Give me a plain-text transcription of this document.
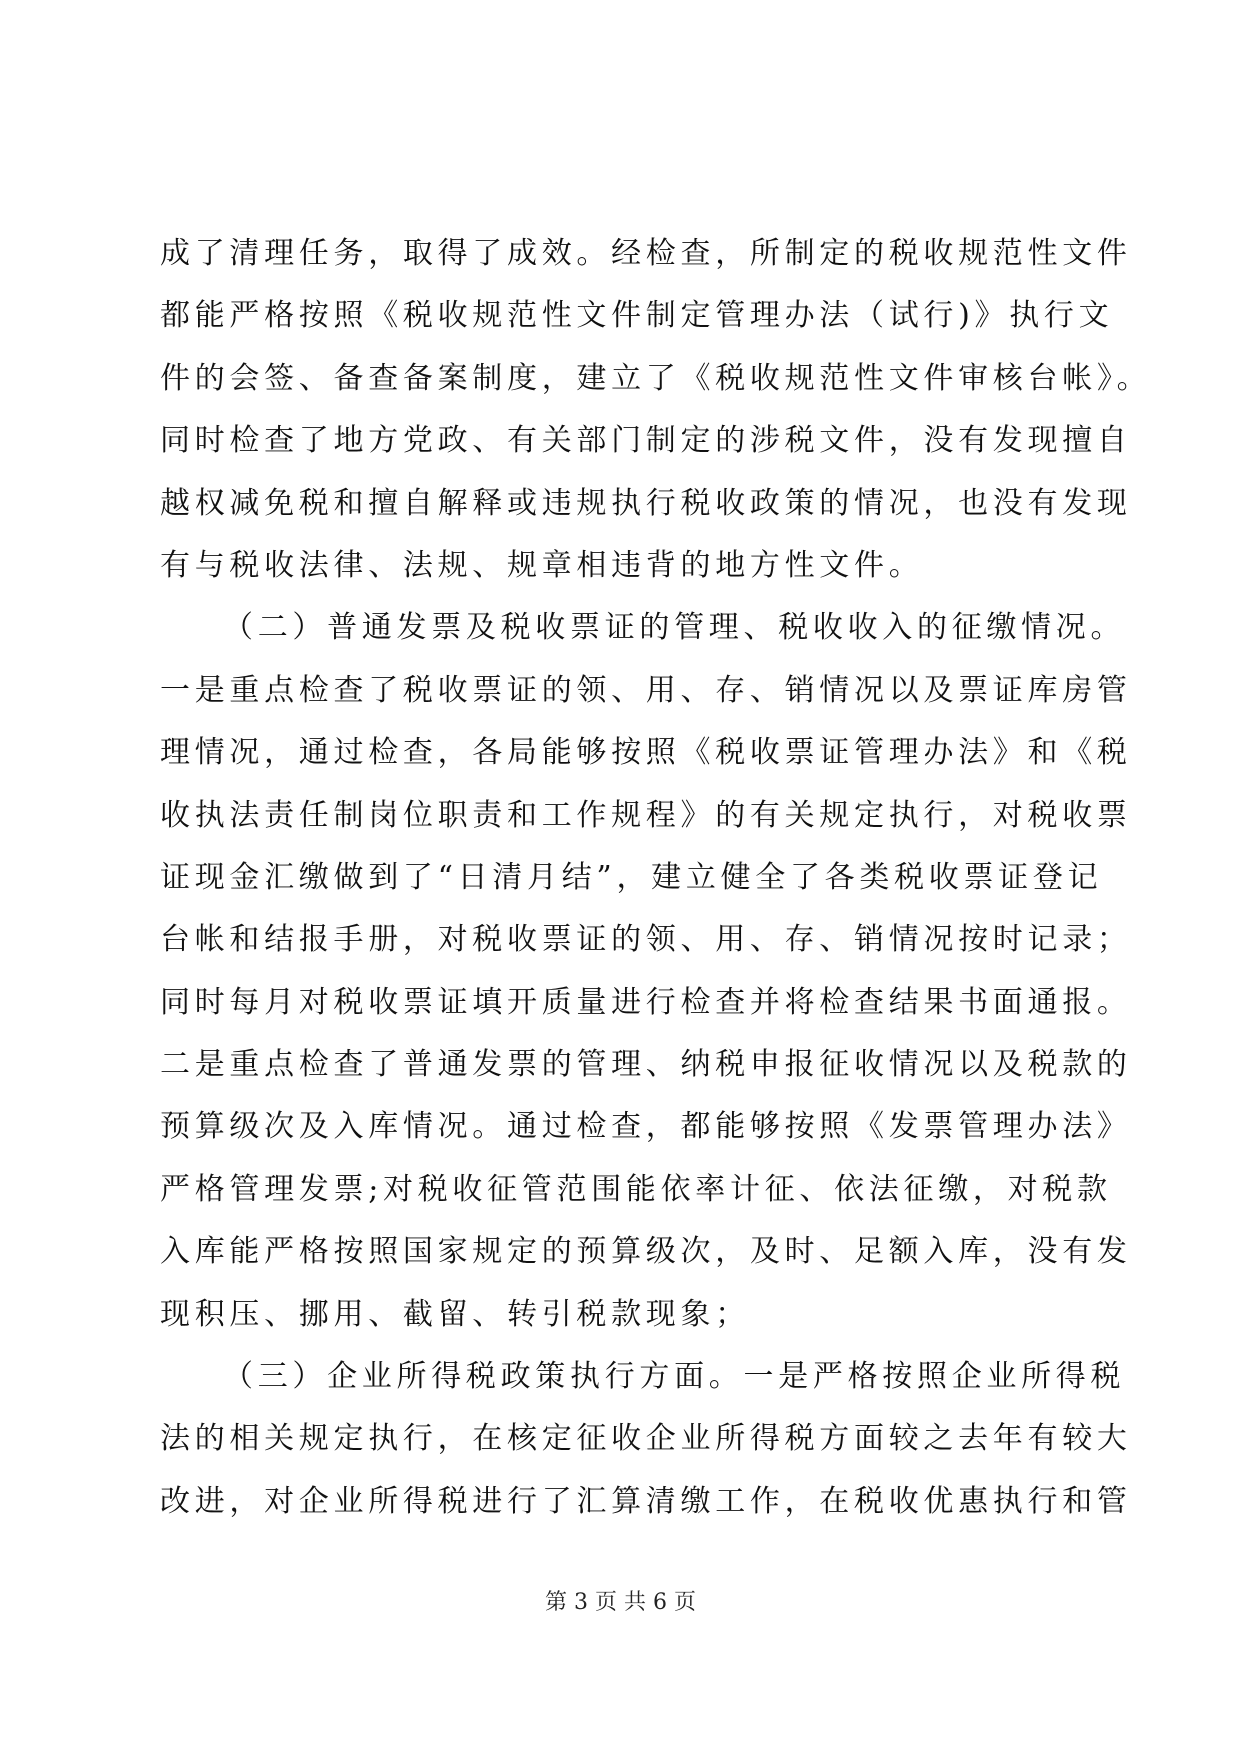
成了清理任务，取得了成效。经检查，所制定的税收规范性文件
都能严格按照《税收规范性文件制定管理办法（试行)》执行文
件的会签、备查备案制度，建立了《税收规范性文件审核台帐》。
同时检查了地方党政、有关部门制定的涉税文件，没有发现擅自
越权减免税和擅自解释或违规执行税收政策的情况，也没有发现
有与税收法律、法规、规章相违背的地方性文件。
（二）普通发票及税收票证的管理、税收收入的征缴情况。
一是重点检查了税收票证的领、用、存、销情况以及票证库房管
理情况，通过检查，各局能够按照《税收票证管理办法》和《税
收执法责任制岗位职责和工作规程》的有关规定执行，对税收票
证现金汇缴做到了“日清月结”，建立健全了各类税收票证登记
台帐和结报手册，对税收票证的领、用、存、销情况按时记录；
同时每月对税收票证填开质量进行检查并将检查结果书面通报。
二是重点检查了普通发票的管理、纳税申报征收情况以及税款的
预算级次及入库情况。通过检查，都能够按照《发票管理办法》
严格管理发票;对税收征管范围能依率计征、依法征缴，对税款
入库能严格按照国家规定的预算级次，及时、足额入库，没有发
现积压、挪用、截留、转引税款现象；
（三）企业所得税政策执行方面。一是严格按照企业所得税
法的相关规定执行，在核定征收企业所得税方面较之去年有较大
改进，对企业所得税进行了汇算清缴工作，在税收优惠执行和管
第 3 页 共 6 页
